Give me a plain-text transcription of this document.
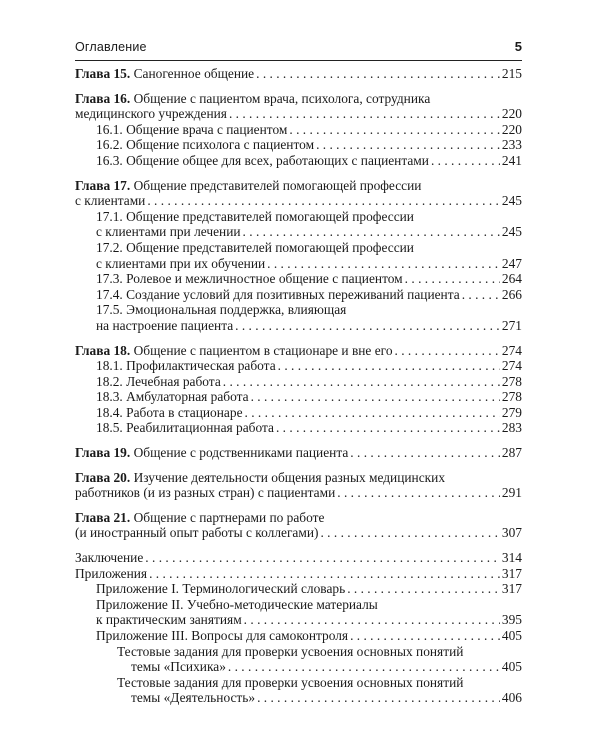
Оглавление	5
Глава 15. Саногенное общение . . .	215
Глава 16. Общение с пациентом врача, психолога, сотрудника
медицинского учреждения . . .	220
16.1. Общение врача с пациентом . . .	220
16.2. Общение психолога с пациентом . . .	233
16.3. Общение общее для всех, работающих с пациентами . . .	241
Глава 17. Общение представителей помогающей профессии
с клиентами . . .	245
17.1. Общение представителей помогающей профессии
с клиентами при лечении . . .	245
17.2. Общение представителей помогающей профессии
с клиентами при их обучении . . .	247
17.3. Ролевое и межличностное общение с пациентом . . .	264
17.4. Создание условий для позитивных переживаний пациента . . .	266
17.5. Эмоциональная поддержка, влияющая
на настроение пациента . . .	271
Глава 18. Общение с пациентом в стационаре и вне его . . .	274
18.1. Профилактическая работа . . .	274
18.2. Лечебная работа . . .	278
18.3. Амбулаторная работа . . .	278
18.4. Работа в стационаре . . .	279
18.5. Реабилитационная работа . . .	283
Глава 19. Общение с родственниками пациента . . .	287
Глава 20. Изучение деятельности общения разных медицинских
работников (и из разных стран) с пациентами . . .	291
Глава 21. Общение с партнерами по работе
(и иностранный опыт работы с коллегами) . . .	307
Заключение . . .	314
Приложения . . .	317
Приложение I. Терминологический словарь . . .	317
Приложение II. Учебно-методические материалы
к практическим занятиям . . .	395
Приложение III. Вопросы для самоконтроля . . .	405
Тестовые задания для проверки усвоения основных понятий
темы «Психика» . . .	405
Тестовые задания для проверки усвоения основных понятий
темы «Деятельность» . . .	406
